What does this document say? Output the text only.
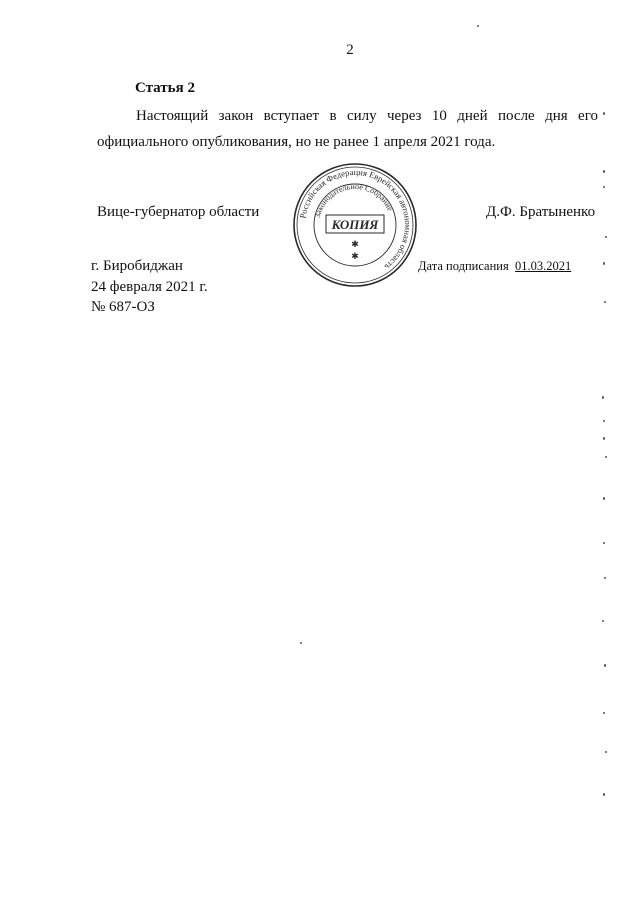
2
Статья 2
Настоящий закон вступает в силу через 10 дней после дня его
официального опубликования, но не ранее 1 апреля 2021 года.
Вице-губернатор области	Д.Ф. Братыненко
Российская Федерация Еврейская автономная область
Законодательное Собрание
КОПИЯ
✱
✱
г. Биробиджан
24 февраля 2021 г.
№ 687-ОЗ
Дата подписания 01.03.2021
